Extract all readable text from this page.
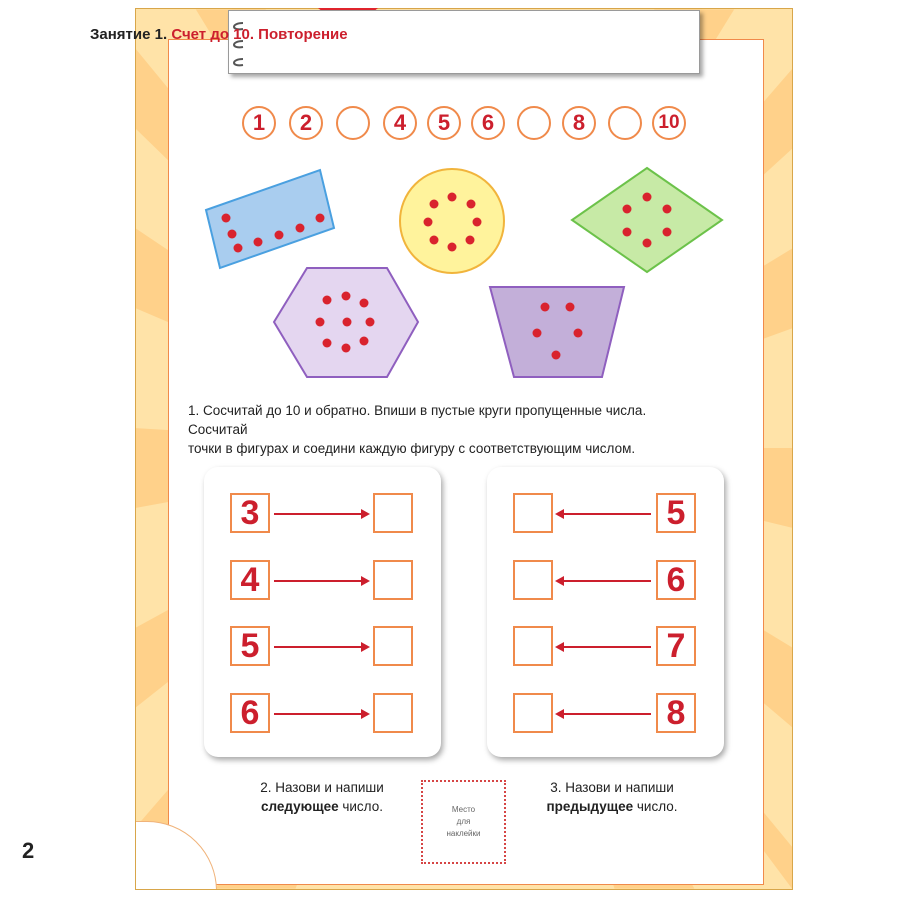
2
Занятие 1. Счет до 10. Повторение
1	2	4	5	6	8	10
1. Сосчитай до 10 и обратно. Впиши в пустые круги пропущенные числа. Сосчитай
точки в фигурах и соедини каждую фигуру с соответствующим числом.
3
4
5
6
5
6
7
8
2. Назови и напиши
следующее число.	Место
для
наклейки
3. Назови и напиши
предыдущее число.
